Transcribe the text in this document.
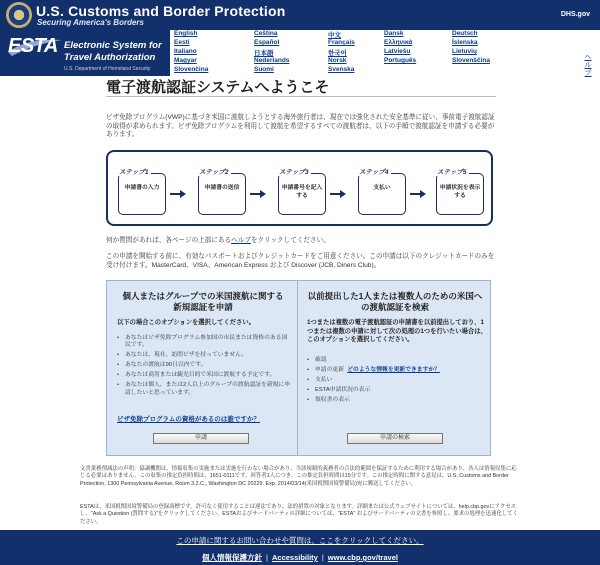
U.S. Customs and Border Protection
Securing America's Borders
DHS.gov
ESTA Electronic System for
Travel Authorization
U.S. Department of Homeland Security
English
Eesti
Italiano
Magyar
Slovenčina
Čeština
Español
日本語
Nederlands
Suomi
中文
Français
한국어
Norsk
Svenska
Dansk
Ελληνικά
Latviešu
Português
Deutsch
Íslenska
Lietuvių
Slovenščina	ヘルプ
電子渡航認証システムへようこそ
ビザ免除プログラム(VWP)に基づき米国に渡航しようとする海外旅行者は、現在では強化された安全基準に従い、事前電子渡航認証の取得が求められます。ビザ免除プログラムを利用して渡航を希望するすべての渡航者は、以下の手順で渡航認証を申請する必要があります。
ステップ1
申請書の入力
ステップ2
申請書の送信
ステップ3
申請番号を記入する
ステップ4
支払い
ステップ5
申請状況を表示する
何か質問があれば、各ページの上部にあるヘルプをクリックしてください。
この申請を開始する前に、有効なパスポートおよびクレジットカードをご用意ください。この申請は以下のクレジットカードのみを受け付けます。MasterCard、VISA、American Express および Discover (JCB, Diners Club)。
個人またはグループでの米国渡航に関する新規認証を申請
以下の場合このオプションを選択してください。
• あなたはビザ免除プログラム参加国の市民または資格のある国民です。
• あなたは、現在、訪問ビザを持っていません。
• あなたの渡航は90日以内です。
• あなたは商用または観光目的で米国に渡航する予定です。
• あなたは個人、または2人以上のグループの渡航認証を新規に申請したいと思っています。
ビザ免除プログラムの資格があるのは誰ですか？
申請
以前提出した1人または複数人のための米国への渡航認証を検索
1つまたは複数の電子渡航認証の申請書を以前提出しており、1つまたは複数の申請に対して次の処理の1つを行いたい場合は、このオプションを選択してください。
• 確認
• 申請の更新 どのような情報を更新できますか？
• 支払い
• ESTA申請状況の表示
• 領収書の表示
申請の検索
文書業務削減法の声明：協調機関は、情報収集の実施または実施を行わない場合があり、当該規制的義務者の合法的範囲を保証するために利用する場合があり、各人は情報収集に応じる必要はありません。この収集の推定負担時間は、1651-0111です。回答者1人につき、この推定負担時間は15分です。この推定時間に関する意見は、U.S. Customs and Border Protection, 1300 Pennsylvania Avenue, Room 3.2.C., Washington DC 20229. Exp. 2014/03/14(米国税関国境警備局)宛に郵送してください。
ESTAは、米国税関国境警備局の登録商標です。許可なく使用することは違法であり、法的措置の対象となります。詳細または公式ウェブサイトについては、help.cbp.govにアクセスし、"Ask a Question (質問する)"をクリックしてください。ESTAおよびサードパーティの詳細については、"ESTA" およびサードパーティの文書を参照し、要求の処理を迅速化してください。
この申請に関するお問い合わせや質問は、ここをクリックしてください。
個人情報保護方針 | Accessibility | www.cbp.gov/travel
